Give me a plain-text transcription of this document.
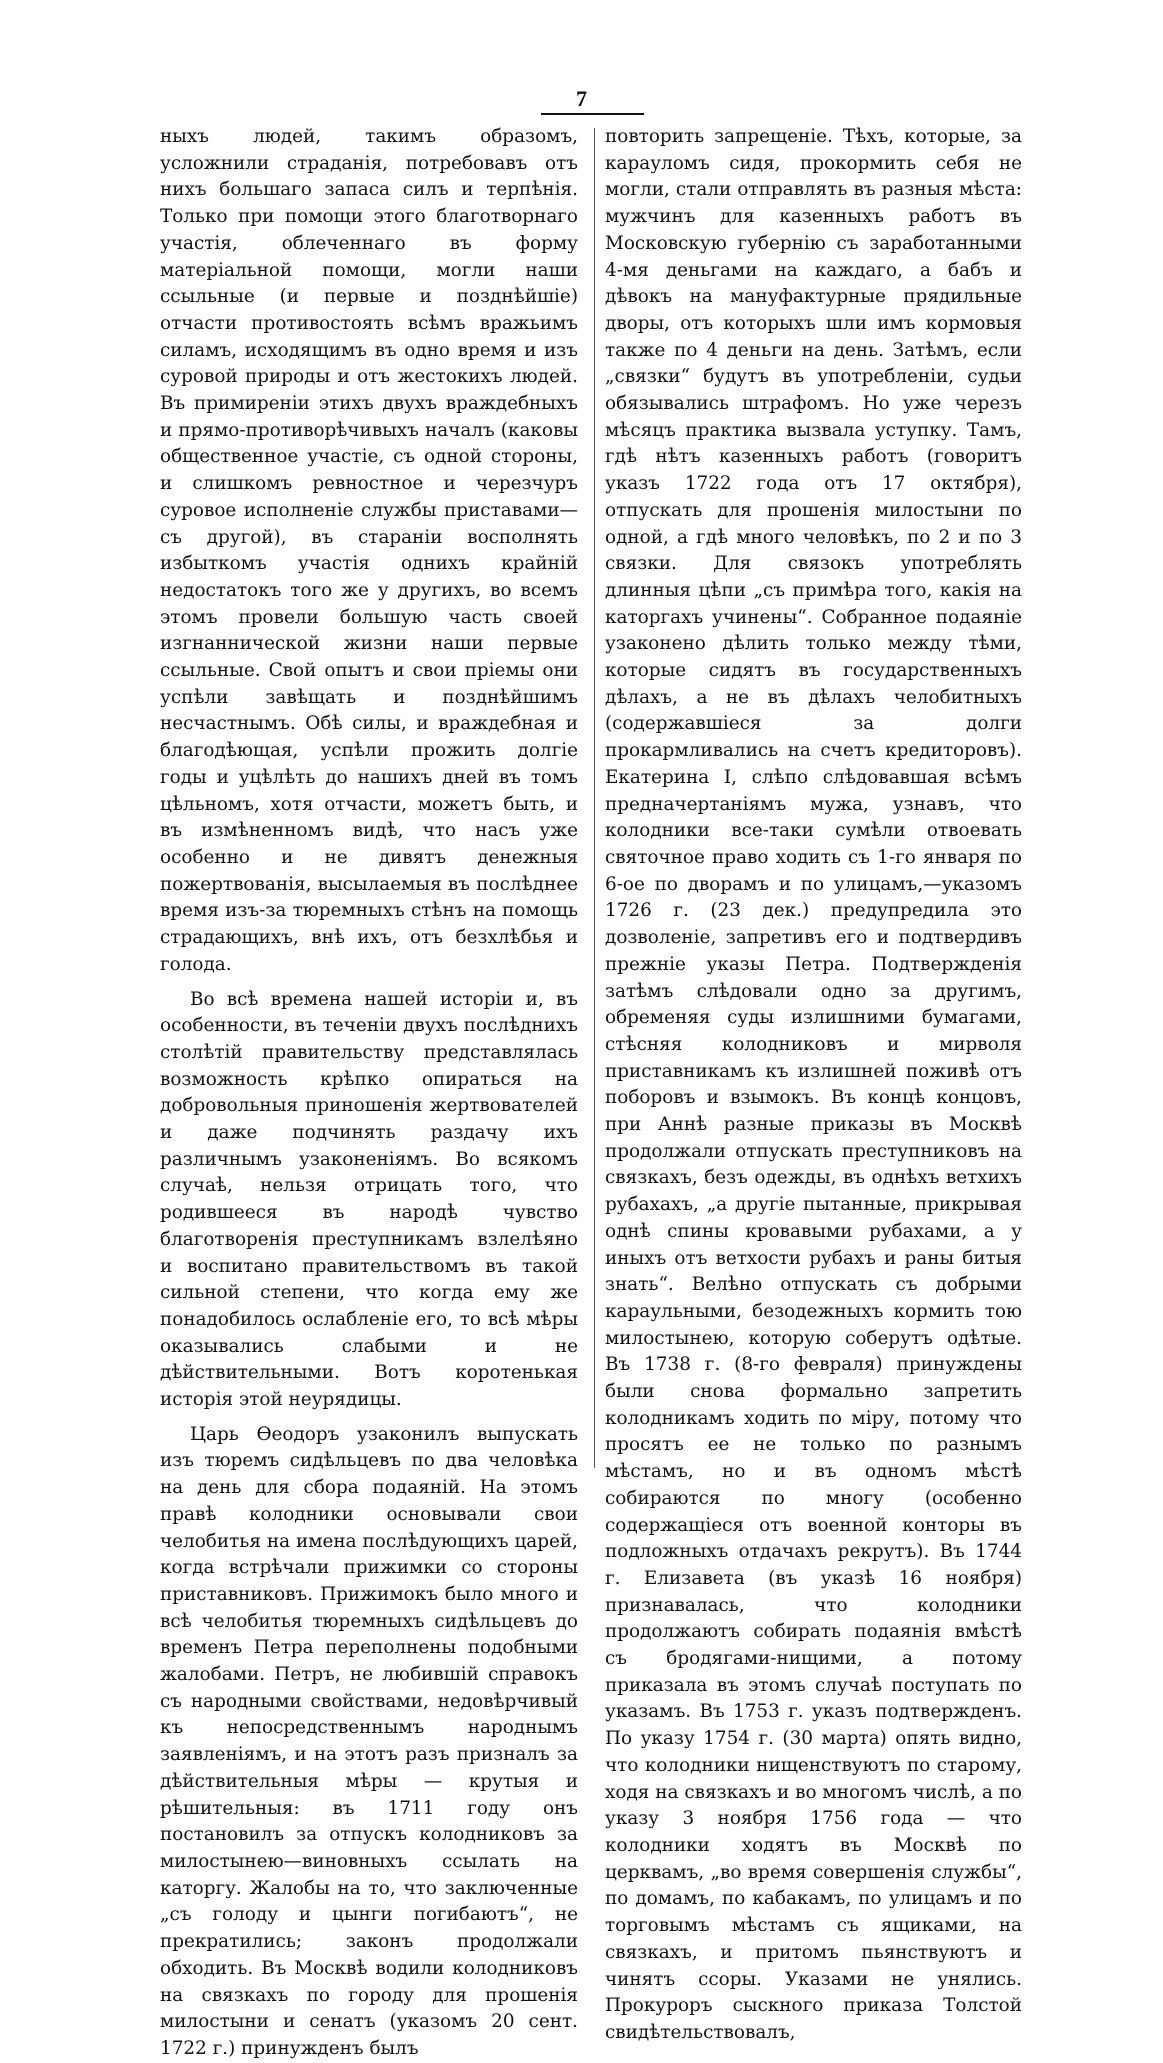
7

ныхъ людей, такимъ образомъ, усложнили страданія, потребовавъ отъ нихъ большаго запаса силъ и терпѣнія. Только при помощи этого благотворнаго участія, облеченнаго въ форму матеріальной помощи, могли наши ссыльные (и первые и позднѣйшіе) отчасти противостоять всѣмъ вражьимъ силамъ, исходящимъ въ одно время и изъ суровой природы и отъ жестокихъ людей. Въ примиреніи этихъ двухъ враждебныхъ и прямо-противорѣчивыхъ началъ (каковы общественное участіе, съ одной стороны, и слишкомъ ревностное и черезчуръ суровое исполненіе службы приставами—съ другой), въ стараніи восполнять избыткомъ участія однихъ крайній недостатокъ того же у другихъ, во всемъ этомъ провели большую часть своей изгнаннической жизни наши первые ссыльные. Свой опытъ и свои пріемы они успѣли завѣщать и позднѣйшимъ несчастнымъ. Обѣ силы, и враждебная и благодѣющая, успѣли прожить долгіе годы и уцѣлѣть до нашихъ дней въ томъ цѣльномъ, хотя отчасти, можетъ быть, и въ измѣненномъ видѣ, что насъ уже особенно и не дивятъ денежныя пожертвованія, высылаемыя въ послѣднее время изъ-за тюремныхъ стѣнъ на помощь страдающихъ, внѣ ихъ, отъ безхлѣбья и голода.

Во всѣ времена нашей исторіи и, въ особенности, въ теченіи двухъ послѣднихъ столѣтій правительству представлялась возможность крѣпко опираться на добровольныя приношенія жертвователей и даже подчинять раздачу ихъ различнымъ узаконеніямъ. Во всякомъ случаѣ, нельзя отрицать того, что родившееся въ народѣ чувство благотворенія преступникамъ взлелѣяно и воспитано правительствомъ въ такой сильной степени, что когда ему же понадобилось ослабленіе его, то всѣ мѣры оказывались слабыми и не дѣйствительными. Вотъ коротенькая исторія этой неурядицы.

Царь Ѳеодоръ узаконилъ выпускать изъ тюремъ сидѣльцевъ по два человѣка на день для сбора подаяній. На этомъ правѣ колодники основывали свои челобитья на имена послѣдующихъ царей, когда встрѣчали прижимки со стороны приставниковъ. Прижимокъ было много и всѣ челобитья тюремныхъ сидѣльцевъ до временъ Петра переполнены подобными жалобами. Петръ, не любившій справокъ съ народными свойствами, недовѣрчивый къ непосредственнымъ народнымъ заявленіямъ, и на этотъ разъ призналъ за дѣйствительныя мѣры — крутыя и рѣшительныя: въ 1711 году онъ постановилъ за отпускъ колодниковъ за милостынею—виновныхъ ссылать на каторгу. Жалобы на то, что заключенные „съ голоду и цынги погибаютъ“, не прекратились; законъ продолжали обходить. Въ Москвѣ водили колодниковъ на связкахъ по городу для прошенія милостыни и сенатъ (указомъ 20 сент. 1722 г.) принужденъ былъ

повторить запрещеніе. Тѣхъ, которые, за карауломъ сидя, прокормить себя не могли, стали отправлять въ разныя мѣста: мужчинъ для казенныхъ работъ въ Московскую губернію съ заработанными 4-мя деньгами на каждаго, а бабъ и дѣвокъ на мануфактурные прядильные дворы, отъ которыхъ шли имъ кормовыя также по 4 деньги на день. Затѣмъ, если „связки“ будутъ въ употребленіи, судьи обязывались штрафомъ. Но уже черезъ мѣсяцъ практика вызвала уступку. Тамъ, гдѣ нѣтъ казенныхъ работъ (говоритъ указъ 1722 года отъ 17 октября), отпускать для прошенія милостыни по одной, а гдѣ много человѣкъ, по 2 и по 3 связки. Для связокъ употреблять длинныя цѣпи „съ примѣра того, какія на каторгахъ учинены“. Собранное подаяніе узаконено дѣлить только между тѣми, которые сидятъ въ государственныхъ дѣлахъ, а не въ дѣлахъ челобитныхъ (содержавшіеся за долги прокармливались на счетъ кредиторовъ). Екатерина I, слѣпо слѣдовавшая всѣмъ предначертаніямъ мужа, узнавъ, что колодники все-таки сумѣли отвоевать святочное право ходить съ 1-го января по 6-ое по дворамъ и по улицамъ,—указомъ 1726 г. (23 дек.) предупредила это дозволеніе, запретивъ его и подтвердивъ прежніе указы Петра. Подтвержденія затѣмъ слѣдовали одно за другимъ, обременяя суды излишними бумагами, стѣсняя колодниковъ и мирволя приставникамъ къ излишней поживѣ отъ поборовъ и взымокъ. Въ концѣ концовъ, при Аннѣ разные приказы въ Москвѣ продолжали отпускать преступниковъ на связкахъ, безъ одежды, въ однѣхъ ветхихъ рубахахъ, „а другіе пытанные, прикрывая однѣ спины кровавыми рубахами, а у иныхъ отъ ветхости рубахъ и раны битыя знать“. Велѣно отпускать съ добрыми караульными, безодежныхъ кормить тою милостынею, которую соберутъ одѣтые. Въ 1738 г. (8-го февраля) принуждены были снова формально запретить колодникамъ ходить по міру, потому что просятъ ее не только по разнымъ мѣстамъ, но и въ одномъ мѣстѣ собираются по многу (особенно содержащіеся отъ военной конторы въ подложныхъ отдачахъ рекрутъ). Въ 1744 г. Елизавета (въ указѣ 16 ноября) признавалась, что колодники продолжаютъ собирать подаянія вмѣстѣ съ бродягами-нищими, а потому приказала въ этомъ случаѣ поступать по указамъ. Въ 1753 г. указъ подтвержденъ. По указу 1754 г. (30 марта) опять видно, что колодники нищенствуютъ по старому, ходя на связкахъ и во многомъ числѣ, а по указу 3 ноября 1756 года — что колодники ходятъ въ Москвѣ по церквамъ, „во время совершенія службы“, по домамъ, по кабакамъ, по улицамъ и по торговымъ мѣстамъ съ ящиками, на связкахъ, и притомъ пьянствуютъ и чинятъ ссоры. Указами не унялись. Прокуроръ сыскного приказа Толстой свидѣтельствовалъ,
